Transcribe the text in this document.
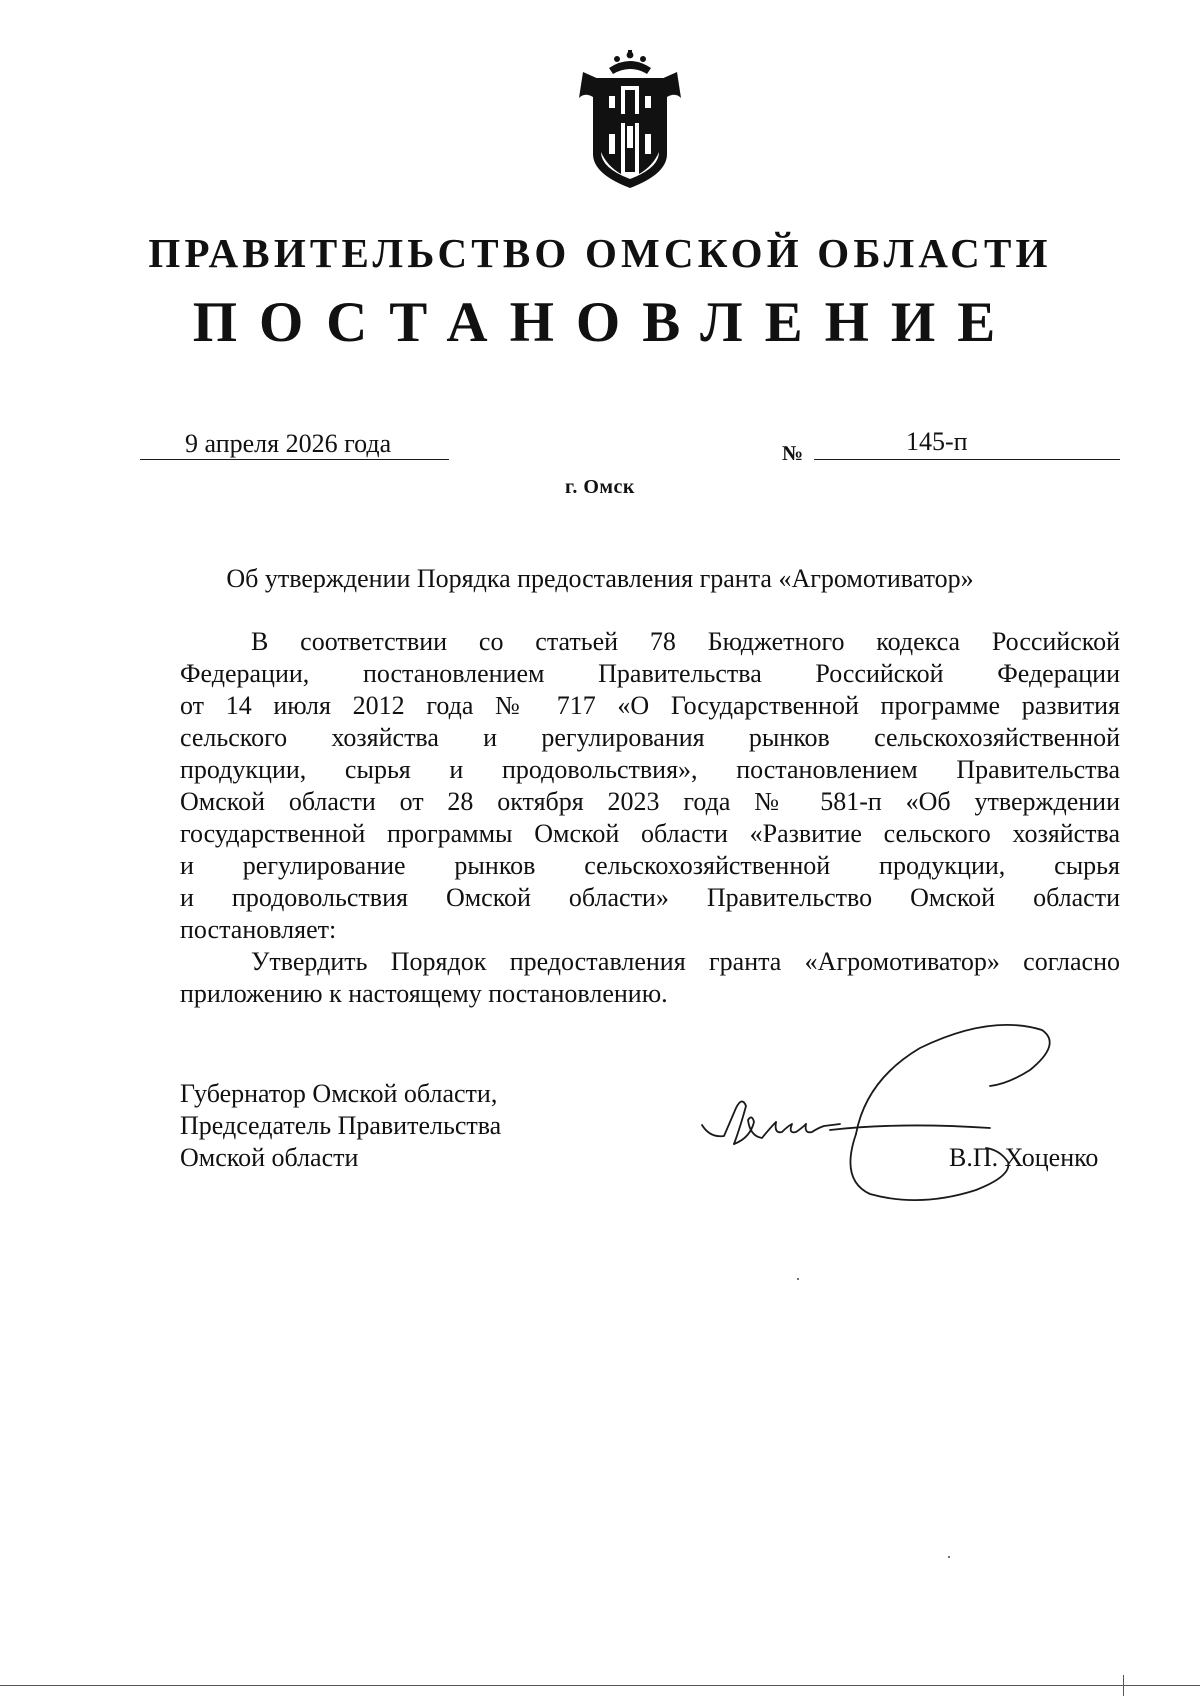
ПРАВИТЕЛЬСТВО ОМСКОЙ ОБЛАСТИ
ПОСТАНОВЛЕНИЕ
9 апреля 2026 года	№	145-п
г. Омск
Об утверждении Порядка предоставления гранта «Агромотиватор»
В соответствии со статьей 78 Бюджетного кодекса Российской
Федерации, постановлением Правительства Российской Федерации
от 14 июля 2012 года № 717 «О Государственной программе развития
сельского хозяйства и регулирования рынков сельскохозяйственной
продукции, сырья и продовольствия», постановлением Правительства
Омской области от 28 октября 2023 года № 581-п «Об утверждении
государственной программы Омской области «Развитие сельского хозяйства
и регулирование рынков сельскохозяйственной продукции, сырья
и продовольствия Омской области» Правительство Омской области
постановляет:
Утвердить Порядок предоставления гранта «Агромотиватор» согласно
приложению к настоящему постановлению.
Губернатор Омской области,
Председатель Правительства
Омской области	В.П. Хоценко
